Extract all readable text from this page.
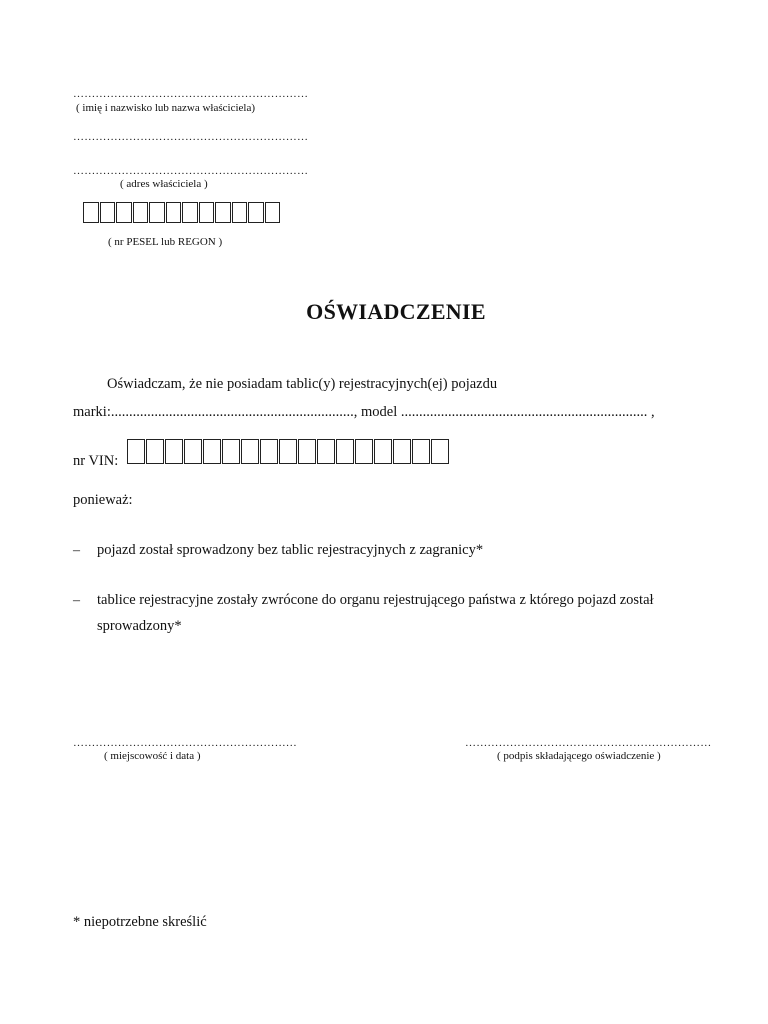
………………………………………………………
( imię i nazwisko lub nazwa właściciela)
………………………………………………………
………………………………………………………
( adres właściciela )
( nr PESEL lub REGON )
OŚWIADCZENIE
Oświadczam, że nie posiadam tablic(y) rejestracyjnych(ej) pojazdu
marki:..................................................................., model .................................................................... ,
nr VIN:
ponieważ:
– pojazd został sprowadzony bez tablic rejestracyjnych z zagranicy*
– tablice rejestracyjne zostały zwrócone do organu rejestrującego państwa z którego pojazd został
sprowadzony*
……………………………………………………
( miejscowość i data )
…………………………………………………………
( podpis składającego oświadczenie )
* niepotrzebne skreślić
